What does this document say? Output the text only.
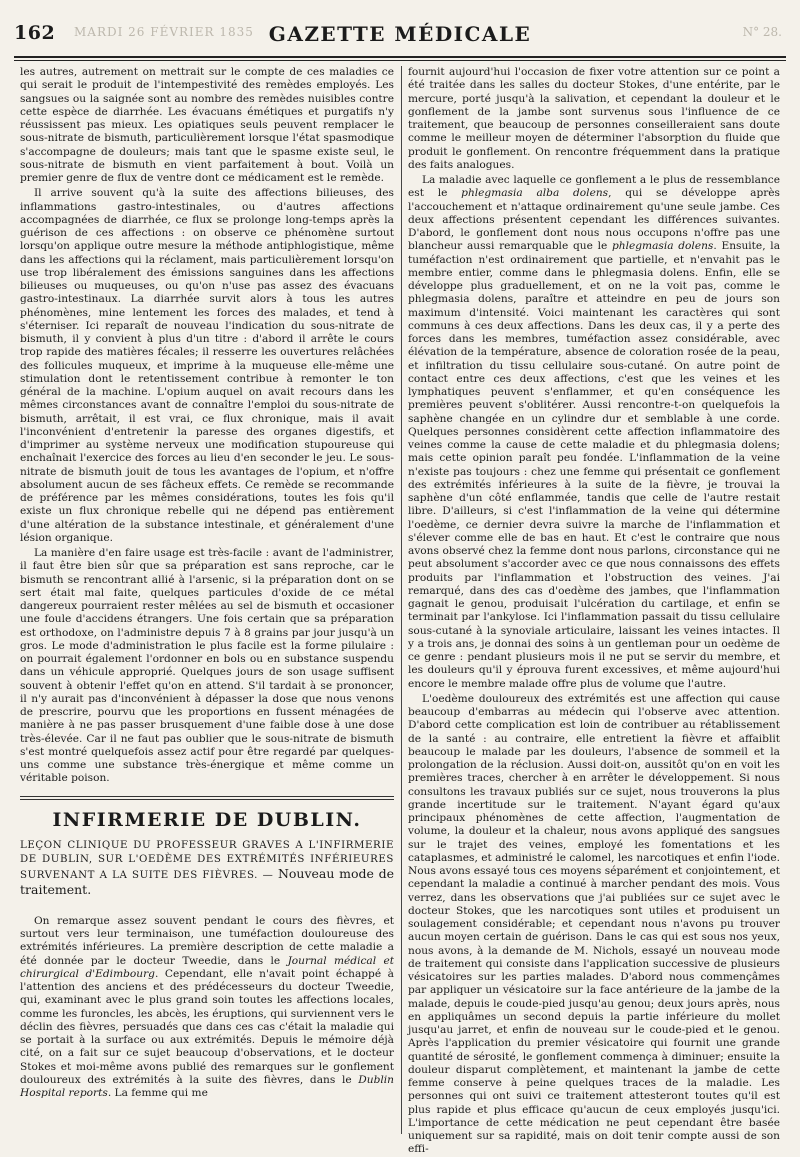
162 MARDI 26 FÉVRIER 1835 GAZETTE MÉDICALE	N° 28.

les autres, autrement on mettrait sur le compte de ces maladies ce qui serait le produit de l'intempestivité des remèdes employés. Les sangsues ou la saignée sont au nombre des remèdes nuisibles contre cette espèce de diarrhée. Les évacuans émétiques et purgatifs n'y réussissent pas mieux. Les opiatiques seuls peuvent remplacer le sous-nitrate de bismuth, particulièrement lorsque l'état spasmodique s'accompagne de douleurs; mais tant que le spasme existe seul, le sous-nitrate de bismuth en vient parfaitement à bout. Voilà un premier genre de flux de ventre dont ce médicament est le remède.

Il arrive souvent qu'à la suite des affections bilieuses, des inflammations gastro-intestinales, ou d'autres affections accompagnées de diarrhée, ce flux se prolonge long-temps après la guérison de ces affections : on observe ce phénomène surtout lorsqu'on applique outre mesure la méthode antiphlogistique, même dans les affections qui la réclament, mais particulièrement lorsqu'on use trop libéralement des émissions sanguines dans les affections bilieuses ou muqueuses, ou qu'on n'use pas assez des évacuans gastro-intestinaux. La diarrhée survit alors à tous les autres phénomènes, mine lentement les forces des malades, et tend à s'éterniser. Ici reparaît de nouveau l'indication du sous-nitrate de bismuth, il y convient à plus d'un titre : d'abord il arrête le cours trop rapide des matières fécales; il resserre les ouvertures relâchées des follicules muqueux, et imprime à la muqueuse elle-même une stimulation dont le retentissement contribue à remonter le ton général de la machine. L'opium auquel on avait recours dans les mêmes circonstances avant de connaître l'emploi du sous-nitrate de bismuth, arrêtait, il est vrai, ce flux chronique, mais il avait l'inconvénient d'entretenir la paresse des organes digestifs, et d'imprimer au système nerveux une modification stupoureuse qui enchaînait l'exercice des forces au lieu d'en seconder le jeu. Le sous-nitrate de bismuth jouit de tous les avantages de l'opium, et n'offre absolument aucun de ses fâcheux effets. Ce remède se recommande de préférence par les mêmes considérations, toutes les fois qu'il existe un flux chronique rebelle qui ne dépend pas entièrement d'une altération de la substance intestinale, et généralement d'une lésion organique.

La manière d'en faire usage est très-facile : avant de l'administrer, il faut être bien sûr que sa préparation est sans reproche, car le bismuth se rencontrant allié à l'arsenic, si la préparation dont on se sert était mal faite, quelques particules d'oxide de ce métal dangereux pourraient rester mêlées au sel de bismuth et occasioner une foule d'accidens étrangers. Une fois certain que sa préparation est orthodoxe, on l'administre depuis 7 à 8 grains par jour jusqu'à un gros. Le mode d'administration le plus facile est la forme pilulaire : on pourrait également l'ordonner en bols ou en substance suspendu dans un véhicule approprié. Quelques jours de son usage suffisent souvent à obtenir l'effet qu'on en attend. S'il tardait à se prononcer, il n'y aurait pas d'inconvénient à dépasser la dose que nous venons de prescrire, pourvu que les proportions en fussent ménagées de manière à ne pas passer brusquement d'une faible dose à une dose très-élevée. Car il ne faut pas oublier que le sous-nitrate de bismuth s'est montré quelquefois assez actif pour être regardé par quelques-uns comme une substance très-énergique et même comme un véritable poison.

INFIRMERIE DE DUBLIN.

LEÇON CLINIQUE DU PROFESSEUR GRAVES A L'INFIRMERIE DE DUBLIN, SUR L'OEDÈME DES EXTRÉMITÉS INFÉRIEURES SURVENANT A LA SUITE DES FIÈVRES. — Nouveau mode de traitement.

On remarque assez souvent pendant le cours des fièvres, et surtout vers leur terminaison, une tuméfaction douloureuse des extrémités inférieures. La première description de cette maladie a été donnée par le docteur Tweedie, dans le Journal médical et chirurgical d'Edimbourg. Cependant, elle n'avait point échappé à l'attention des anciens et des prédécesseurs du docteur Tweedie, qui, examinant avec le plus grand soin toutes les affections locales, comme les furoncles, les abcès, les éruptions, qui surviennent vers le déclin des fièvres, persuadés que dans ces cas c'était la maladie qui se portait à la surface ou aux extrémités. Depuis le mémoire déjà cité, on a fait sur ce sujet beaucoup d'observations, et le docteur Stokes et moi-même avons publié des remarques sur le gonflement douloureux des extrémités à la suite des fièvres, dans le Dublin Hospital reports. La femme qui me

fournit aujourd'hui l'occasion de fixer votre attention sur ce point a été traitée dans les salles du docteur Stokes, d'une entérite, par le mercure, porté jusqu'à la salivation, et cependant la douleur et le gonflement de la jambe sont survenus sous l'influence de ce traitement, que beaucoup de personnes conseilleraient sans doute comme le meilleur moyen de déterminer l'absorption du fluide que produit le gonflement. On rencontre fréquemment dans la pratique des faits analogues.

La maladie avec laquelle ce gonflement a le plus de ressemblance est le phlegmasia alba dolens, qui se développe après l'accouchement et n'attaque ordinairement qu'une seule jambe. Ces deux affections présentent cependant les différences suivantes. D'abord, le gonflement dont nous nous occupons n'offre pas une blancheur aussi remarquable que le phlegmasia dolens. Ensuite, la tuméfaction n'est ordinairement que partielle, et n'envahit pas le membre entier, comme dans le phlegmasia dolens. Enfin, elle se développe plus graduellement, et on ne la voit pas, comme le phlegmasia dolens, paraître et atteindre en peu de jours son maximum d'intensité. Voici maintenant les caractères qui sont communs à ces deux affections. Dans les deux cas, il y a perte des forces dans les membres, tuméfaction assez considérable, avec élévation de la température, absence de coloration rosée de la peau, et infiltration du tissu cellulaire sous-cutané. On autre point de contact entre ces deux affections, c'est que les veines et les lymphatiques peuvent s'enflammer, et qu'en conséquence les premières peuvent s'oblitérer. Aussi rencontre-t-on quelquefois la saphène changée en un cylindre dur et semblable à une corde. Quelques personnes considèrent cette affection inflammatoire des veines comme la cause de cette maladie et du phlegmasia dolens; mais cette opinion paraît peu fondée. L'inflammation de la veine n'existe pas toujours : chez une femme qui présentait ce gonflement des extrémités inférieures à la suite de la fièvre, je trouvai la saphène d'un côté enflammée, tandis que celle de l'autre restait libre. D'ailleurs, si c'est l'inflammation de la veine qui détermine l'oedème, ce dernier devra suivre la marche de l'inflammation et s'élever comme elle de bas en haut. Et c'est le contraire que nous avons observé chez la femme dont nous parlons, circonstance qui ne peut absolument s'accorder avec ce que nous connaissons des effets produits par l'inflammation et l'obstruction des veines. J'ai remarqué, dans des cas d'oedème des jambes, que l'inflammation gagnait le genou, produisait l'ulcération du cartilage, et enfin se terminait par l'ankylose. Ici l'inflammation passait du tissu cellulaire sous-cutané à la synoviale articulaire, laissant les veines intactes. Il y a trois ans, je donnai des soins à un gentleman pour un oedème de ce genre : pendant plusieurs mois il ne put se servir du membre, et les douleurs qu'il y éprouva furent excessives, et même aujourd'hui encore le membre malade offre plus de volume que l'autre.

L'oedème douloureux des extrémités est une affection qui cause beaucoup d'embarras au médecin qui l'observe avec attention. D'abord cette complication est loin de contribuer au rétablissement de la santé : au contraire, elle entretient la fièvre et affaiblit beaucoup le malade par les douleurs, l'absence de sommeil et la prolongation de la réclusion. Aussi doit-on, aussitôt qu'on en voit les premières traces, chercher à en arrêter le développement. Si nous consultons les travaux publiés sur ce sujet, nous trouverons la plus grande incertitude sur le traitement. N'ayant égard qu'aux principaux phénomènes de cette affection, l'augmentation de volume, la douleur et la chaleur, nous avons appliqué des sangsues sur le trajet des veines, employé les fomentations et les cataplasmes, et administré le calomel, les narcotiques et enfin l'iode. Nous avons essayé tous ces moyens séparément et conjointement, et cependant la maladie a continué à marcher pendant des mois. Vous verrez, dans les observations que j'ai publiées sur ce sujet avec le docteur Stokes, que les narcotiques sont utiles et produisent un soulagement considérable; et cependant nous n'avons pu trouver aucun moyen certain de guérison. Dans le cas qui est sous nos yeux, nous avons, à la demande de M. Nichols, essayé un nouveau mode de traitement qui consiste dans l'application successive de plusieurs vésicatoires sur les parties malades. D'abord nous commençâmes par appliquer un vésicatoire sur la face antérieure de la jambe de la malade, depuis le coude-pied jusqu'au genou; deux jours après, nous en appliquâmes un second depuis la partie inférieure du mollet jusqu'au jarret, et enfin de nouveau sur le coude-pied et le genou. Après l'application du premier vésicatoire qui fournit une grande quantité de sérosité, le gonflement commença à diminuer; ensuite la douleur disparut complètement, et maintenant la jambe de cette femme conserve à peine quelques traces de la maladie. Les personnes qui ont suivi ce traitement attesteront toutes qu'il est plus rapide et plus efficace qu'aucun de ceux employés jusqu'ici. L'importance de cette médication ne peut cependant être basée uniquement sur sa rapidité, mais on doit tenir compte aussi de son effi-
